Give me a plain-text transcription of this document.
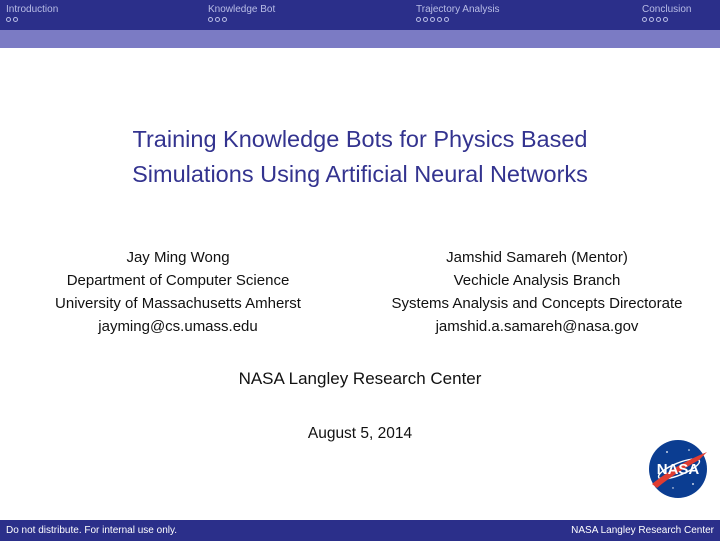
Introduction	Knowledge Bot	Trajectory Analysis	Conclusion
Training Knowledge Bots for Physics Based
Simulations Using Artificial Neural Networks
Jay Ming Wong
Department of Computer Science
University of Massachusetts Amherst
jayming@cs.umass.edu
Jamshid Samareh (Mentor)
Vechicle Analysis Branch
Systems Analysis and Concepts Directorate
jamshid.a.samareh@nasa.gov
NASA Langley Research Center
August 5, 2014
NASA
Do not distribute. For internal use only.	NASA Langley Research Center
